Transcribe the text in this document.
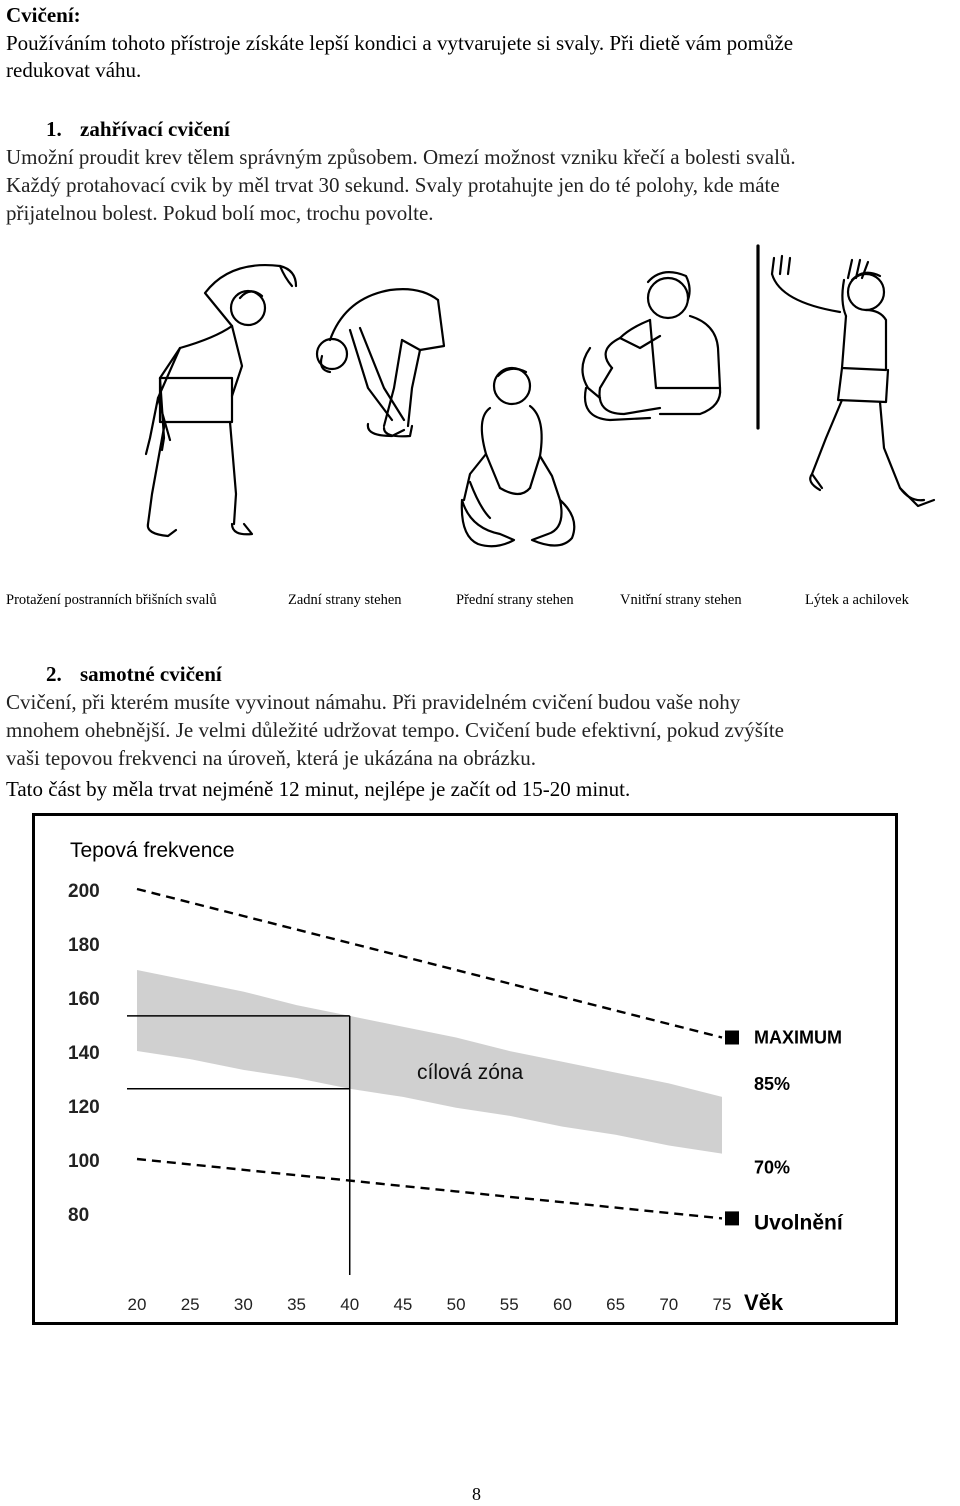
Cvičení:
Používáním tohoto přístroje získáte lepší kondici a vytvarujete si svaly. Při dietě vám pomůže
redukovat váhu.
1. zahřívací cvičení
Umožní proudit krev tělem správným způsobem. Omezí možnost vzniku křečí a bolesti svalů.
Každý protahovací cvik by měl trvat 30 sekund. Svaly protahujte jen do té polohy, kde máte
přijatelnou bolest. Pokud bolí moc, trochu povolte.
Protažení postranních břišních svalů	Zadní strany stehen	Přední strany stehen	Vnitřní strany stehen	Lýtek a achilovek
2. samotné cvičení
Cvičení, při kterém musíte vyvinout námahu. Při pravidelném cvičení budou vaše nohy
mnohem ohebnější. Je velmi důležité udržovat tempo. Cvičení bude efektivní, pokud zvýšíte
vaši tepovou frekvenci na úroveň, která je ukázána na obrázku.
Tato část by měla trvat nejméně 12 minut, nejlépe je začít od 15-20 minut.
80
100
120
140
160
180
200
20 25 30 35 40 45 50 55 60 65 70 75
MAXIMUM
85%
70%
Uvolnění
Tepová frekvence
Věk
cílová zóna
8
